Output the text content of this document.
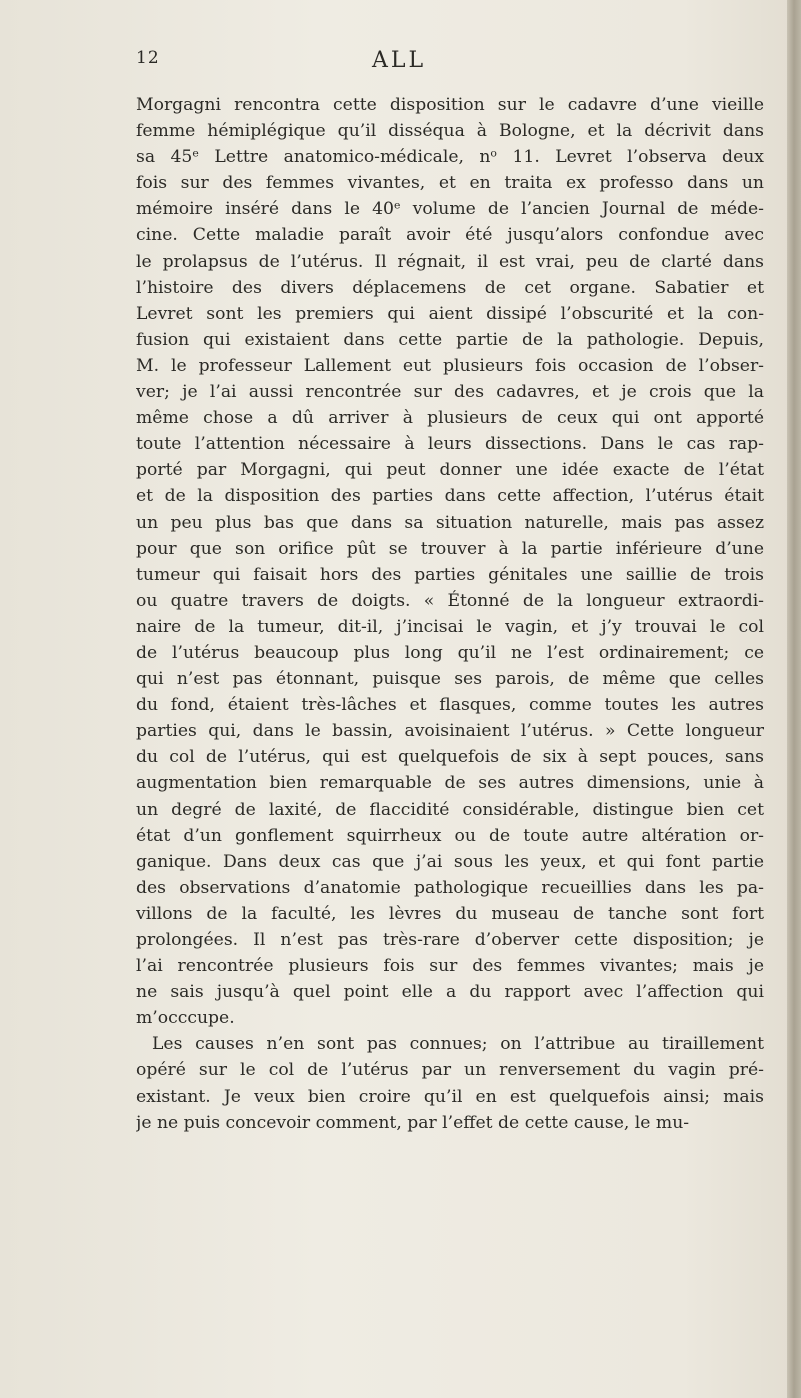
12	ALL
Morgagni rencontra cette disposition sur le cadavre d’une vieille
femme hémiplégique qu’il disséqua à Bologne, et la décrivit dans
sa 45ᵉ Lettre anatomico-médicale, nᵒ 11. Levret l’observa deux
fois sur des femmes vivantes, et en traita ex professo dans un
mémoire inséré dans le 40ᵉ volume de l’ancien Journal de méde-
cine. Cette maladie paraît avoir été jusqu’alors confondue avec
le prolapsus de l’utérus. Il régnait, il est vrai, peu de clarté dans
l’histoire des divers déplacemens de cet organe. Sabatier et
Levret sont les premiers qui aient dissipé l’obscurité et la con-
fusion qui existaient dans cette partie de la pathologie. Depuis,
M. le professeur Lallement eut plusieurs fois occasion de l’obser-
ver; je l’ai aussi rencontrée sur des cadavres, et je crois que la
même chose a dû arriver à plusieurs de ceux qui ont apporté
toute l’attention nécessaire à leurs dissections. Dans le cas rap-
porté par Morgagni, qui peut donner une idée exacte de l’état
et de la disposition des parties dans cette affection, l’utérus était
un peu plus bas que dans sa situation naturelle, mais pas assez
pour que son orifice pût se trouver à la partie inférieure d’une
tumeur qui faisait hors des parties génitales une saillie de trois
ou quatre travers de doigts. « Étonné de la longueur extraordi-
naire de la tumeur, dit-il, j’incisai le vagin, et j’y trouvai le col
de l’utérus beaucoup plus long qu’il ne l’est ordinairement; ce
qui n’est pas étonnant, puisque ses parois, de même que celles
du fond, étaient très-lâches et flasques, comme toutes les autres
parties qui, dans le bassin, avoisinaient l’utérus. » Cette longueur
du col de l’utérus, qui est quelquefois de six à sept pouces, sans
augmentation bien remarquable de ses autres dimensions, unie à
un degré de laxité, de flaccidité considérable, distingue bien cet
état d’un gonflement squirrheux ou de toute autre altération or-
ganique. Dans deux cas que j’ai sous les yeux, et qui font partie
des observations d’anatomie pathologique recueillies dans les pa-
villons de la faculté, les lèvres du museau de tanche sont fort
prolongées. Il n’est pas très-rare d’oberver cette disposition; je
l’ai rencontrée plusieurs fois sur des femmes vivantes; mais je
ne sais jusqu’à quel point elle a du rapport avec l’affection qui
m’occcupe.
Les causes n’en sont pas connues; on l’attribue au tiraillement
opéré sur le col de l’utérus par un renversement du vagin pré-
existant. Je veux bien croire qu’il en est quelquefois ainsi; mais
je ne puis concevoir comment, par l’effet de cette cause, le mu-
